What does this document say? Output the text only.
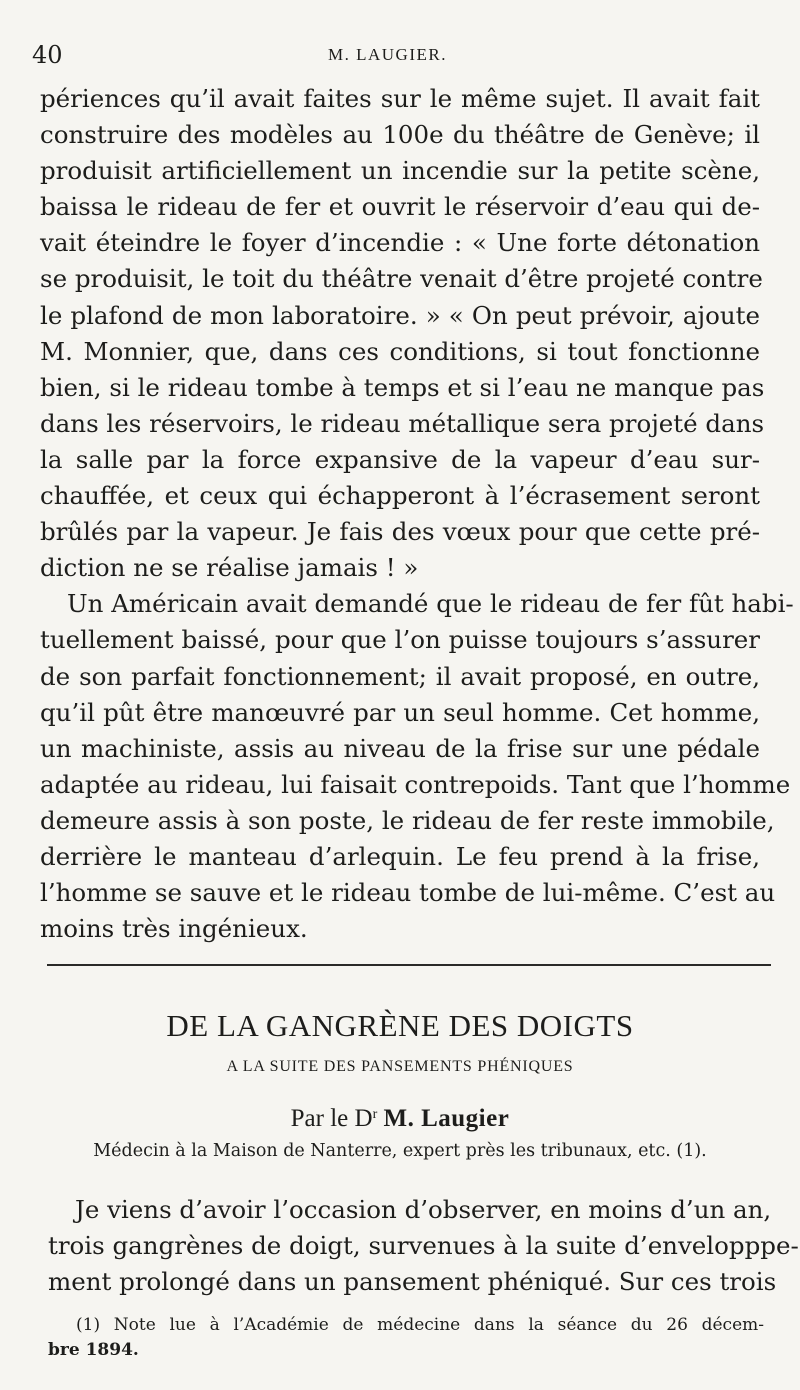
40	M. LAUGIER.
périences qu’il avait faites sur le même sujet. Il avait fait
construire des modèles au 100e du théâtre de Genève; il
produisit artificiellement un incendie sur la petite scène,
baissa le rideau de fer et ouvrit le réservoir d’eau qui de-
vait éteindre le foyer d’incendie : « Une forte détonation
se produisit, le toit du théâtre venait d’être projeté contre
le plafond de mon laboratoire. » « On peut prévoir, ajoute
M. Monnier, que, dans ces conditions, si tout fonctionne
bien, si le rideau tombe à temps et si l’eau ne manque pas
dans les réservoirs, le rideau métallique sera projeté dans
la salle par la force expansive de la vapeur d’eau sur-
chauffée, et ceux qui échapperont à l’écrasement seront
brûlés par la vapeur. Je fais des vœux pour que cette pré-
diction ne se réalise jamais ! »
Un Américain avait demandé que le rideau de fer fût habi-
tuellement baissé, pour que l’on puisse toujours s’assurer
de son parfait fonctionnement; il avait proposé, en outre,
qu’il pût être manœuvré par un seul homme. Cet homme,
un machiniste, assis au niveau de la frise sur une pédale
adaptée au rideau, lui faisait contrepoids. Tant que l’homme
demeure assis à son poste, le rideau de fer reste immobile,
derrière le manteau d’arlequin. Le feu prend à la frise,
l’homme se sauve et le rideau tombe de lui-même. C’est au
moins très ingénieux.
DE LA GANGRÈNE DES DOIGTS
A LA SUITE DES PANSEMENTS PHÉNIQUES
Par le $D^r$ M. Laugier
Médecin à la Maison de Nanterre, expert près les tribunaux, etc. (1).
Je viens d’avoir l’occasion d’observer, en moins d’un an,
trois gangrènes de doigt, survenues à la suite d’envelopppe-
ment prolongé dans un pansement phéniqué. Sur ces trois
(1) Note lue à l’Académie de médecine dans la séance du 26 décem-
bre 1894.
